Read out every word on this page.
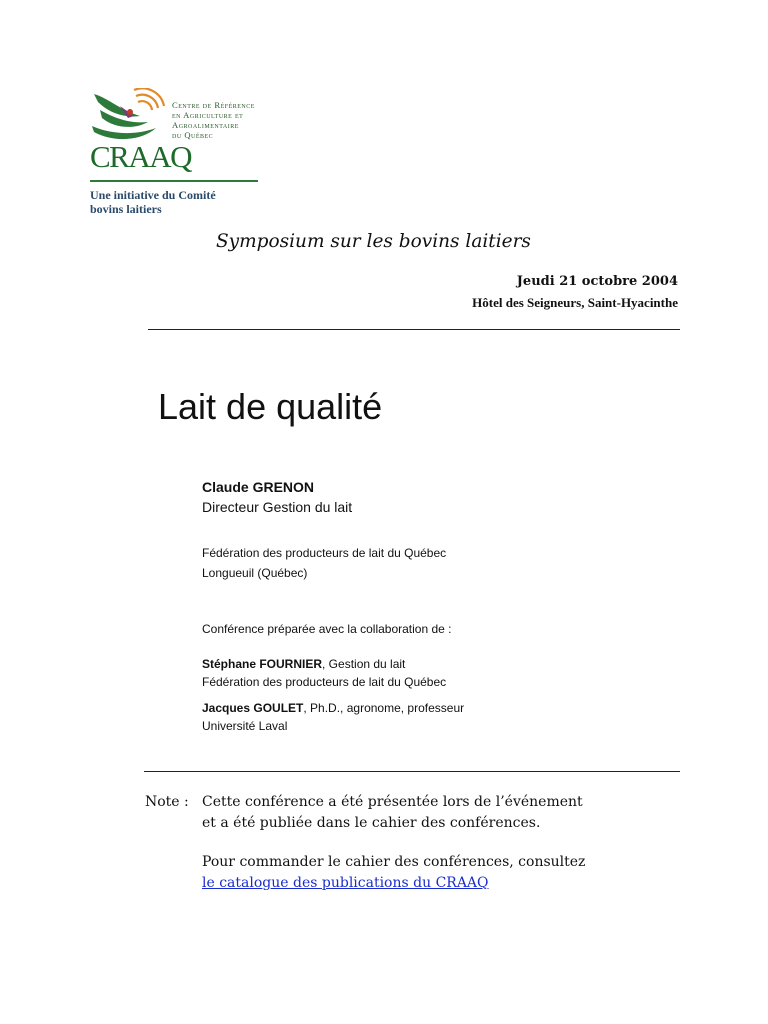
Centre de Référence
en Agriculture et
Agroalimentaire
du Québec
CRAAQ
Une initiative du Comité
bovins laitiers
Symposium sur les bovins laitiers
Jeudi 21 octobre 2004
Hôtel des Seigneurs, Saint-Hyacinthe
Lait de qualité
Claude GRENON
Directeur Gestion du lait
Fédération des producteurs de lait du Québec
Longueuil (Québec)
Conférence préparée avec la collaboration de :
Stéphane FOURNIER, Gestion du lait
Fédération des producteurs de lait du Québec
Jacques GOULET, Ph.D., agronome, professeur
Université Laval
Note : Cette conférence a été présentée lors de l’événement
et a été publiée dans le cahier des conférences.
Pour commander le cahier des conférences, consultez
le catalogue des publications du CRAAQ
